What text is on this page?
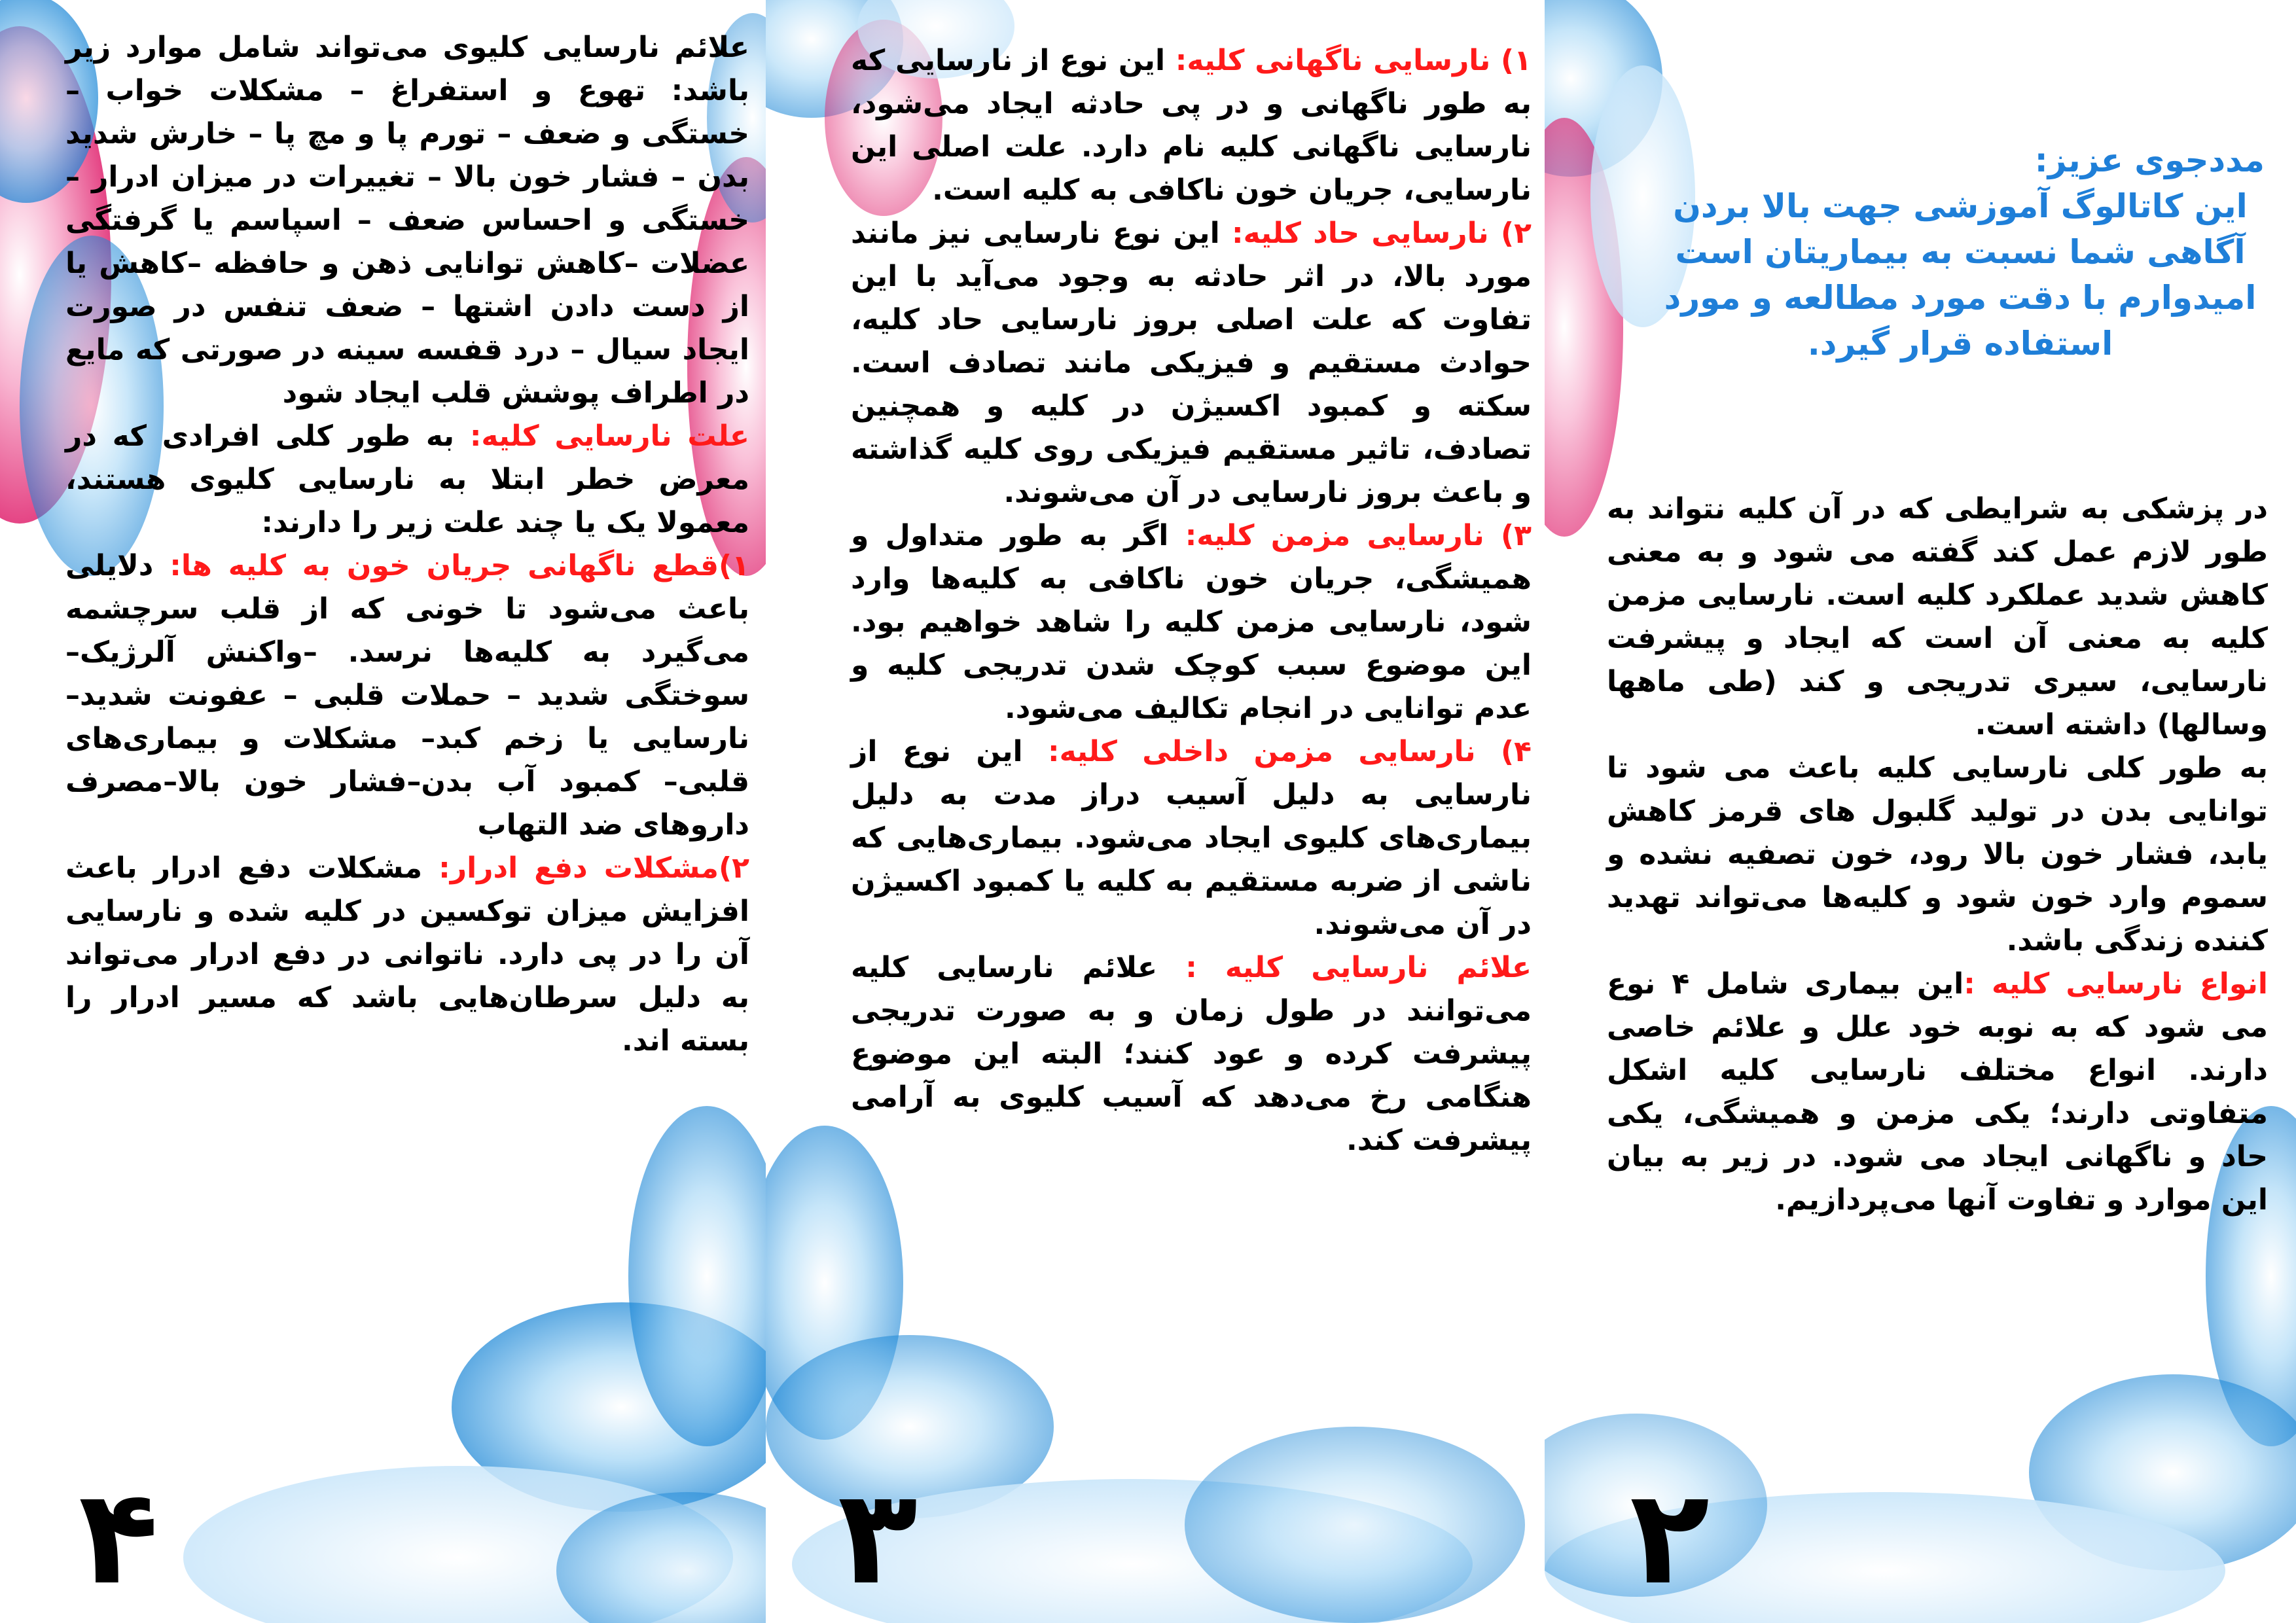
علائم نارسایی کلیوی می‌تواند شامل موارد زیر باشد: تهوع و استفراغ – مشکلات خواب – خستگی و ضعف – تورم پا و مچ پا – خارش شدید بدن – فشار خون بالا – تغییرات در میزان ادرار –خستگی و احساس ضعف – اسپاسم یا گرفتگی عضلات –کاهش توانایی ذهن و حافظه –کاهش یا از دست دادن اشتها – ضعف تنفس در صورت ایجاد سیال – درد قفسه سینه در صورتی که مایع در اطراف پوشش قلب ایجاد شود

علت نارسایی کلیه: به طور کلی افرادی که در معرض خطر ابتلا به نارسایی کلیوی هستند، معمولا یک یا چند علت زیر را دارند:

۱)قطع ناگهانی جریان خون به کلیه ها: دلایلی باعث می‌شود تا خونی که از قلب سرچشمه می‌گیرد به کلیه‌ها نرسد. –واکنش آلرژیک– سوختگی شدید – حملات قلبی – عفونت شدید– نارسایی یا زخم کبد– مشکلات و بیماری‌های قلبی– کمبود آب بدن–فشار خون بالا–مصرف داروهای ضد التهاب

۲)مشکلات دفع ادرار: مشکلات دفع ادرار باعث افزایش میزان توکسین در کلیه شده و نارسایی آن را در پی دارد. ناتوانی در دفع ادرار می‌تواند به دلیل سرطان‌هایی باشد که مسیر ادرار را بسته اند.

۴

۱) نارسایی ناگهانی کلیه: این نوع از نارسایی که به طور ناگهانی و در پی حادثه ایجاد می‌شود، نارسایی ناگهانی کلیه نام دارد. علت اصلی این نارسایی، جریان خون ناکافی به کلیه است.

۲) نارسایی حاد کلیه: این نوع نارسایی نیز مانند مورد بالا، در اثر حادثه به وجود می‌آید با این تفاوت که علت اصلی بروز نارسایی حاد کلیه، حوادث مستقیم و فیزیکی مانند تصادف است. سکته و کمبود اکسیژن در کلیه و همچنین تصادف، تاثیر مستقیم فیزیکی روی کلیه گذاشته و باعث بروز نارسایی در آن می‌شوند.

۳) نارسایی مزمن کلیه: اگر به طور متداول و همیشگی، جریان خون ناکافی به کلیه‌ها وارد شود، نارسایی مزمن کلیه را شاهد خواهیم بود. این موضوع سبب کوچک شدن تدریجی کلیه و عدم توانایی در انجام تکالیف می‌شود.

۴) نارسایی مزمن داخلی کلیه: این نوع از نارسایی به دلیل آسیب دراز مدت به دلیل بیماری‌های کلیوی ایجاد می‌شود. بیماری‌هایی که ناشی از ضربه مستقیم به کلیه یا کمبود اکسیژن در آن می‌شوند.

علائم نارسایی کلیه : علائم نارسایی کلیه می‌توانند در طول زمان و به صورت تدریجی پیشرفت کرده و عود کنند؛ البته این موضوع هنگامی رخ می‌دهد که آسیب کلیوی به آرامی پیشرفت کند.

۳
مددجوی عزیز:
این کاتالوگ آموزشی جهت بالا بردن آگاهی شما نسبت به بیماریتان است امیدوارم با دقت مورد مطالعه و مورد استفاده قرار گیرد.

در پزشکی به شرایطی که در آن کلیه نتواند به طور لازم عمل کند گفته می شود و به معنی کاهش شدید عملکرد کلیه است. نارسایی مزمن کلیه به معنی آن است که ایجاد و پیشرفت نارسایی، سیری تدریجی و کند (طی ماهها وسالها) داشته است.

به طور کلی نارسایی کلیه باعث می شود تا توانایی بدن در تولید گلبول های قرمز کاهش یابد، فشار خون بالا رود، خون تصفیه نشده و سموم وارد خون شود و کلیه‌ها می‌تواند تهدید کننده زندگی باشد.

انواع نارسایی کلیه :این بیماری شامل ۴ نوع می شود که به نوبه خود علل و علائم خاصی دارند. انواع مختلف نارسایی کلیه اشکل متفاوتی دارند؛ یکی مزمن و همیشگی، یکی حاد و ناگهانی ایجاد می شود. در زیر به بیان این موارد و تفاوت آنها می‌پردازیم.

۲
